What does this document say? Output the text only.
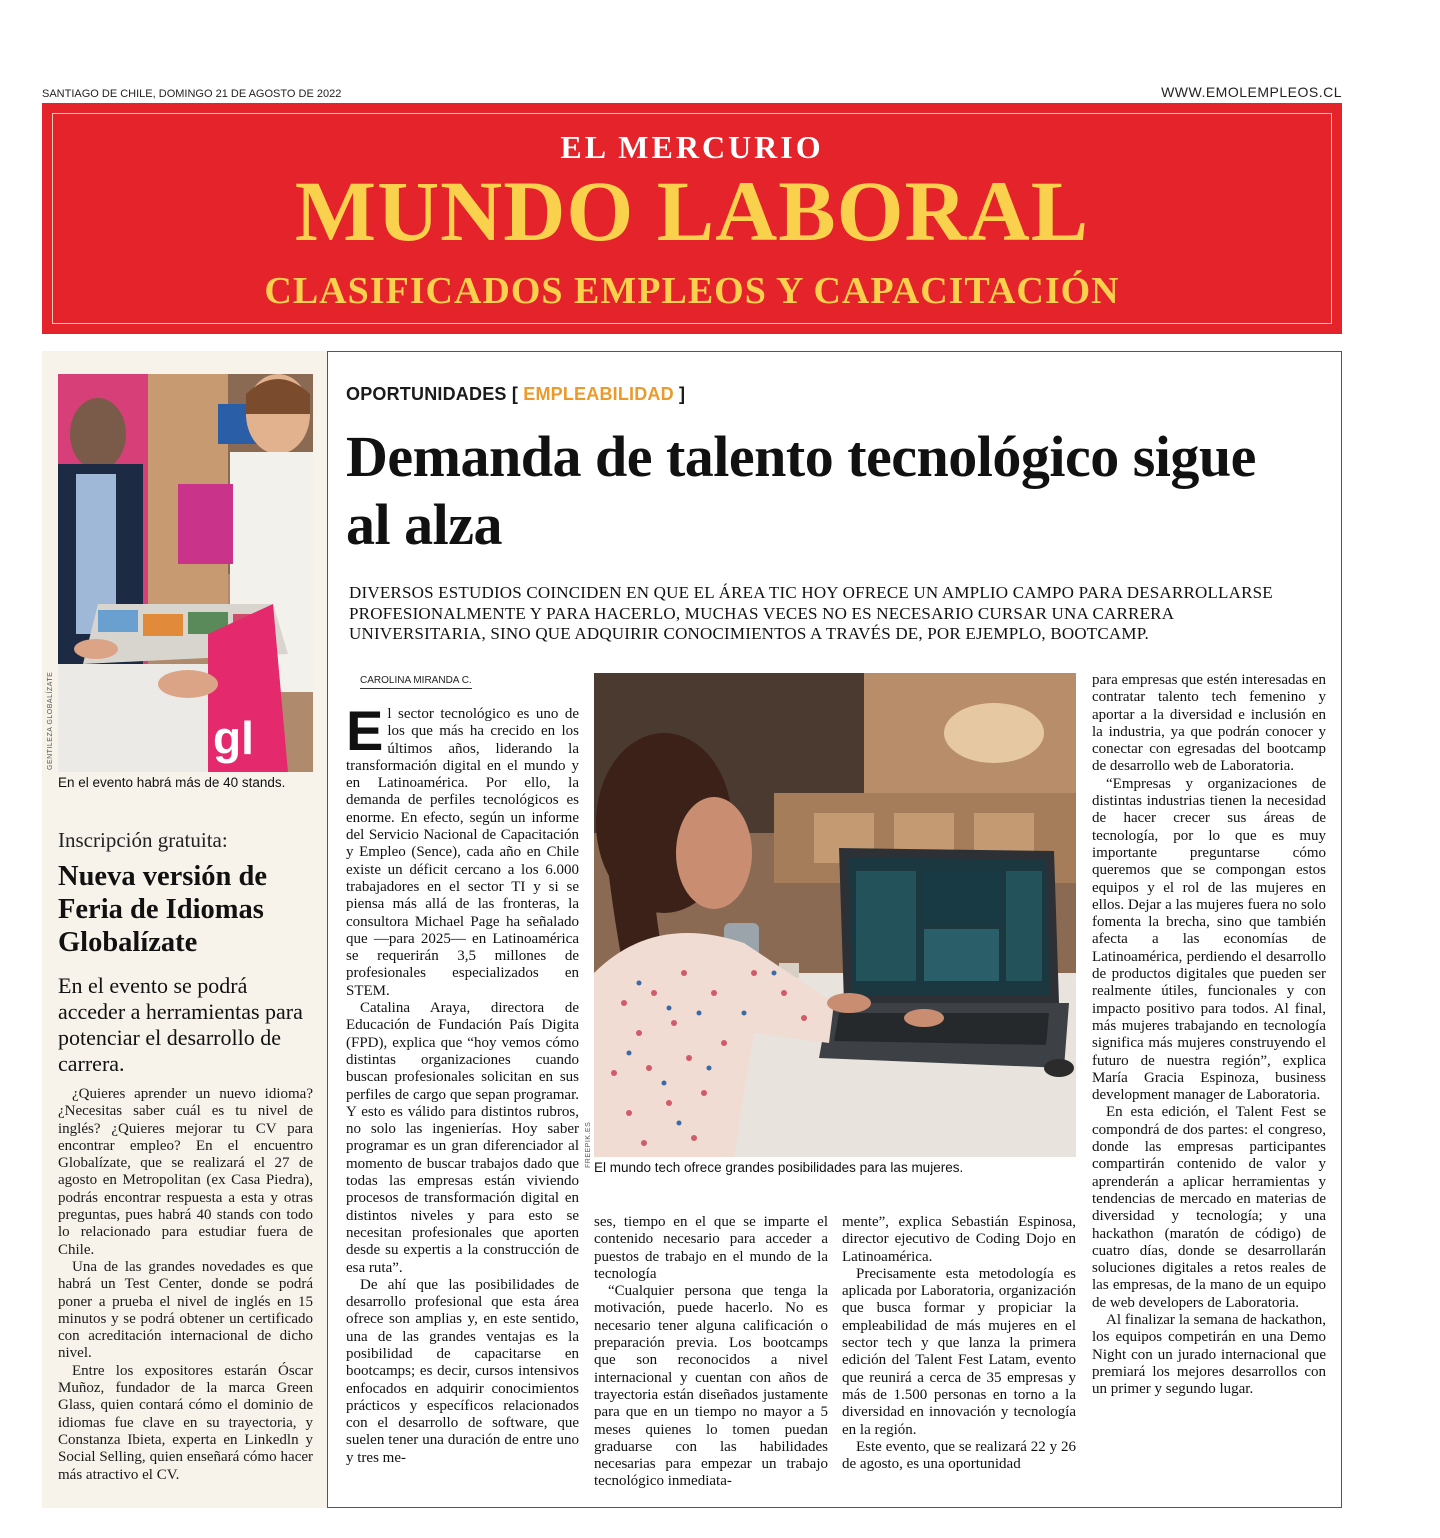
SANTIAGO DE CHILE, DOMINGO 21 DE AGOSTO DE 2022	WWW.EMOLEMPLEOS.CL
EL MERCURIO
MUNDO LABORAL
CLASIFICADOS EMPLEOS Y CAPACITACIÓN
gl
GENTILEZA GLOBALÍZATE
En el evento habrá más de 40 stands.
Inscripción gratuita:
Nueva versión de Feria de Idiomas Globalízate
En el evento se podrá acceder a herramientas para potenciar el desarrollo de carrera.

¿Quieres aprender un nuevo idioma? ¿Necesitas saber cuál es tu nivel de inglés? ¿Quieres mejorar tu CV para encontrar empleo? En el encuentro Globalízate, que se realizará el 27 de agosto en Metropolitan (ex Casa Piedra), podrás encontrar respuesta a esta y otras preguntas, pues habrá 40 stands con todo lo relacionado para estudiar fuera de Chile.

Una de las grandes novedades es que habrá un Test Center, donde se podrá poner a prueba el nivel de inglés en 15 minutos y se podrá obtener un certificado con acreditación internacional de dicho nivel.

Entre los expositores estarán Óscar Muñoz, fundador de la marca Green Glass, quien contará cómo el dominio de idiomas fue clave en su trayectoria, y Constanza Ibieta, experta en Linkedln y Social Selling, quien enseñará cómo hacer más atractivo el CV.

OPORTUNIDADES [ EMPLEABILIDAD ]
Demanda de talento tecnológico sigue al alza
DIVERSOS ESTUDIOS COINCIDEN EN QUE EL ÁREA TIC HOY OFRECE UN AMPLIO CAMPO PARA DESARROLLARSE PROFESIONALMENTE Y PARA HACERLO, MUCHAS VECES NO ES NECESARIO CURSAR UNA CARRERA UNIVERSITARIA, SINO QUE ADQUIRIR CONOCIMIENTOS A TRAVÉS DE, POR EJEMPLO, BOOTCAMP.
CAROLINA MIRANDA C.

El sector tecnológico es uno de los que más ha crecido en los últimos años, liderando la transformación digital en el mundo y en Latinoamérica. Por ello, la demanda de perfiles tecnológicos es enorme. En efecto, según un informe del Servicio Nacional de Capacitación y Empleo (Sence), cada año en Chile existe un déficit cercano a los 6.000 trabajadores en el sector TI y si se piensa más allá de las fronteras, la consultora Michael Page ha señalado que —para 2025— en Latinoamérica se requerirán 3,5 millones de profesionales especializados en STEM.

Catalina Araya, directora de Educación de Fundación País Digita (FPD), explica que “hoy vemos cómo distintas organizaciones cuando buscan profesionales solicitan en sus perfiles de cargo que sepan programar. Y esto es válido para distintos rubros, no solo las ingenierías. Hoy saber programar es un gran diferenciador al momento de buscar trabajos dado que todas las empresas están viviendo procesos de transformación digital en distintos niveles y para esto se necesitan profesionales que aporten desde su expertis a la construcción de esa ruta”.

De ahí que las posibilidades de desarrollo profesional que esta área ofrece son amplias y, en este sentido, una de las grandes ventajas es la posibilidad de capacitarse en bootcamps; es decir, cursos intensivos enfocados en adquirir conocimientos prácticos y específicos relacionados con el desarrollo de software, que suelen tener una duración de entre uno y tres me-

FREEPIK.ES El mundo tech ofrece grandes posibilidades para las mujeres.

ses, tiempo en el que se imparte el contenido necesario para acceder a puestos de trabajo en el mundo de la tecnología

“Cualquier persona que tenga la motivación, puede hacerlo. No es necesario tener alguna calificación o preparación previa. Los bootcamps que son reconocidos a nivel internacional y cuentan con años de trayectoria están diseñados justamente para que en un tiempo no mayor a 5 meses quienes lo tomen puedan graduarse con las habilidades necesarias para empezar un trabajo tecnológico inmediata-

mente”, explica Sebastián Espinosa, director ejecutivo de Coding Dojo en Latinoamérica.

Precisamente esta metodología es aplicada por Laboratoria, organización que busca formar y propiciar la empleabilidad de más mujeres en el sector tech y que lanza la primera edición del Talent Fest Latam, evento que reunirá a cerca de 35 empresas y más de 1.500 personas en torno a la diversidad en innovación y tecnología en la región.

Este evento, que se realizará 22 y 26 de agosto, es una oportunidad

para empresas que estén interesadas en contratar talento tech femenino y aportar a la diversidad e inclusión en la industria, ya que podrán conocer y conectar con egresadas del bootcamp de desarrollo web de Laboratoria.

“Empresas y organizaciones de distintas industrias tienen la necesidad de hacer crecer sus áreas de tecnología, por lo que es muy importante preguntarse cómo queremos que se compongan estos equipos y el rol de las mujeres en ellos. Dejar a las mujeres fuera no solo fomenta la brecha, sino que también afecta a las economías de Latinoamérica, perdiendo el desarrollo de productos digitales que pueden ser realmente útiles, funcionales y con impacto positivo para todos. Al final, más mujeres trabajando en tecnología significa más mujeres construyendo el futuro de nuestra región”, explica María Gracia Espinoza, business development manager de Laboratoria.

En esta edición, el Talent Fest se compondrá de dos partes: el congreso, donde las empresas participantes compartirán contenido de valor y aprenderán a aplicar herramientas y tendencias de mercado en materias de diversidad y tecnología; y una hackathon (maratón de código) de cuatro días, donde se desarrollarán soluciones digitales a retos reales de las empresas, de la mano de un equipo de web developers de Laboratoria.

Al finalizar la semana de hackathon, los equipos competirán en una Demo Night con un jurado internacional que premiará los mejores desarrollos con un primer y segundo lugar.
